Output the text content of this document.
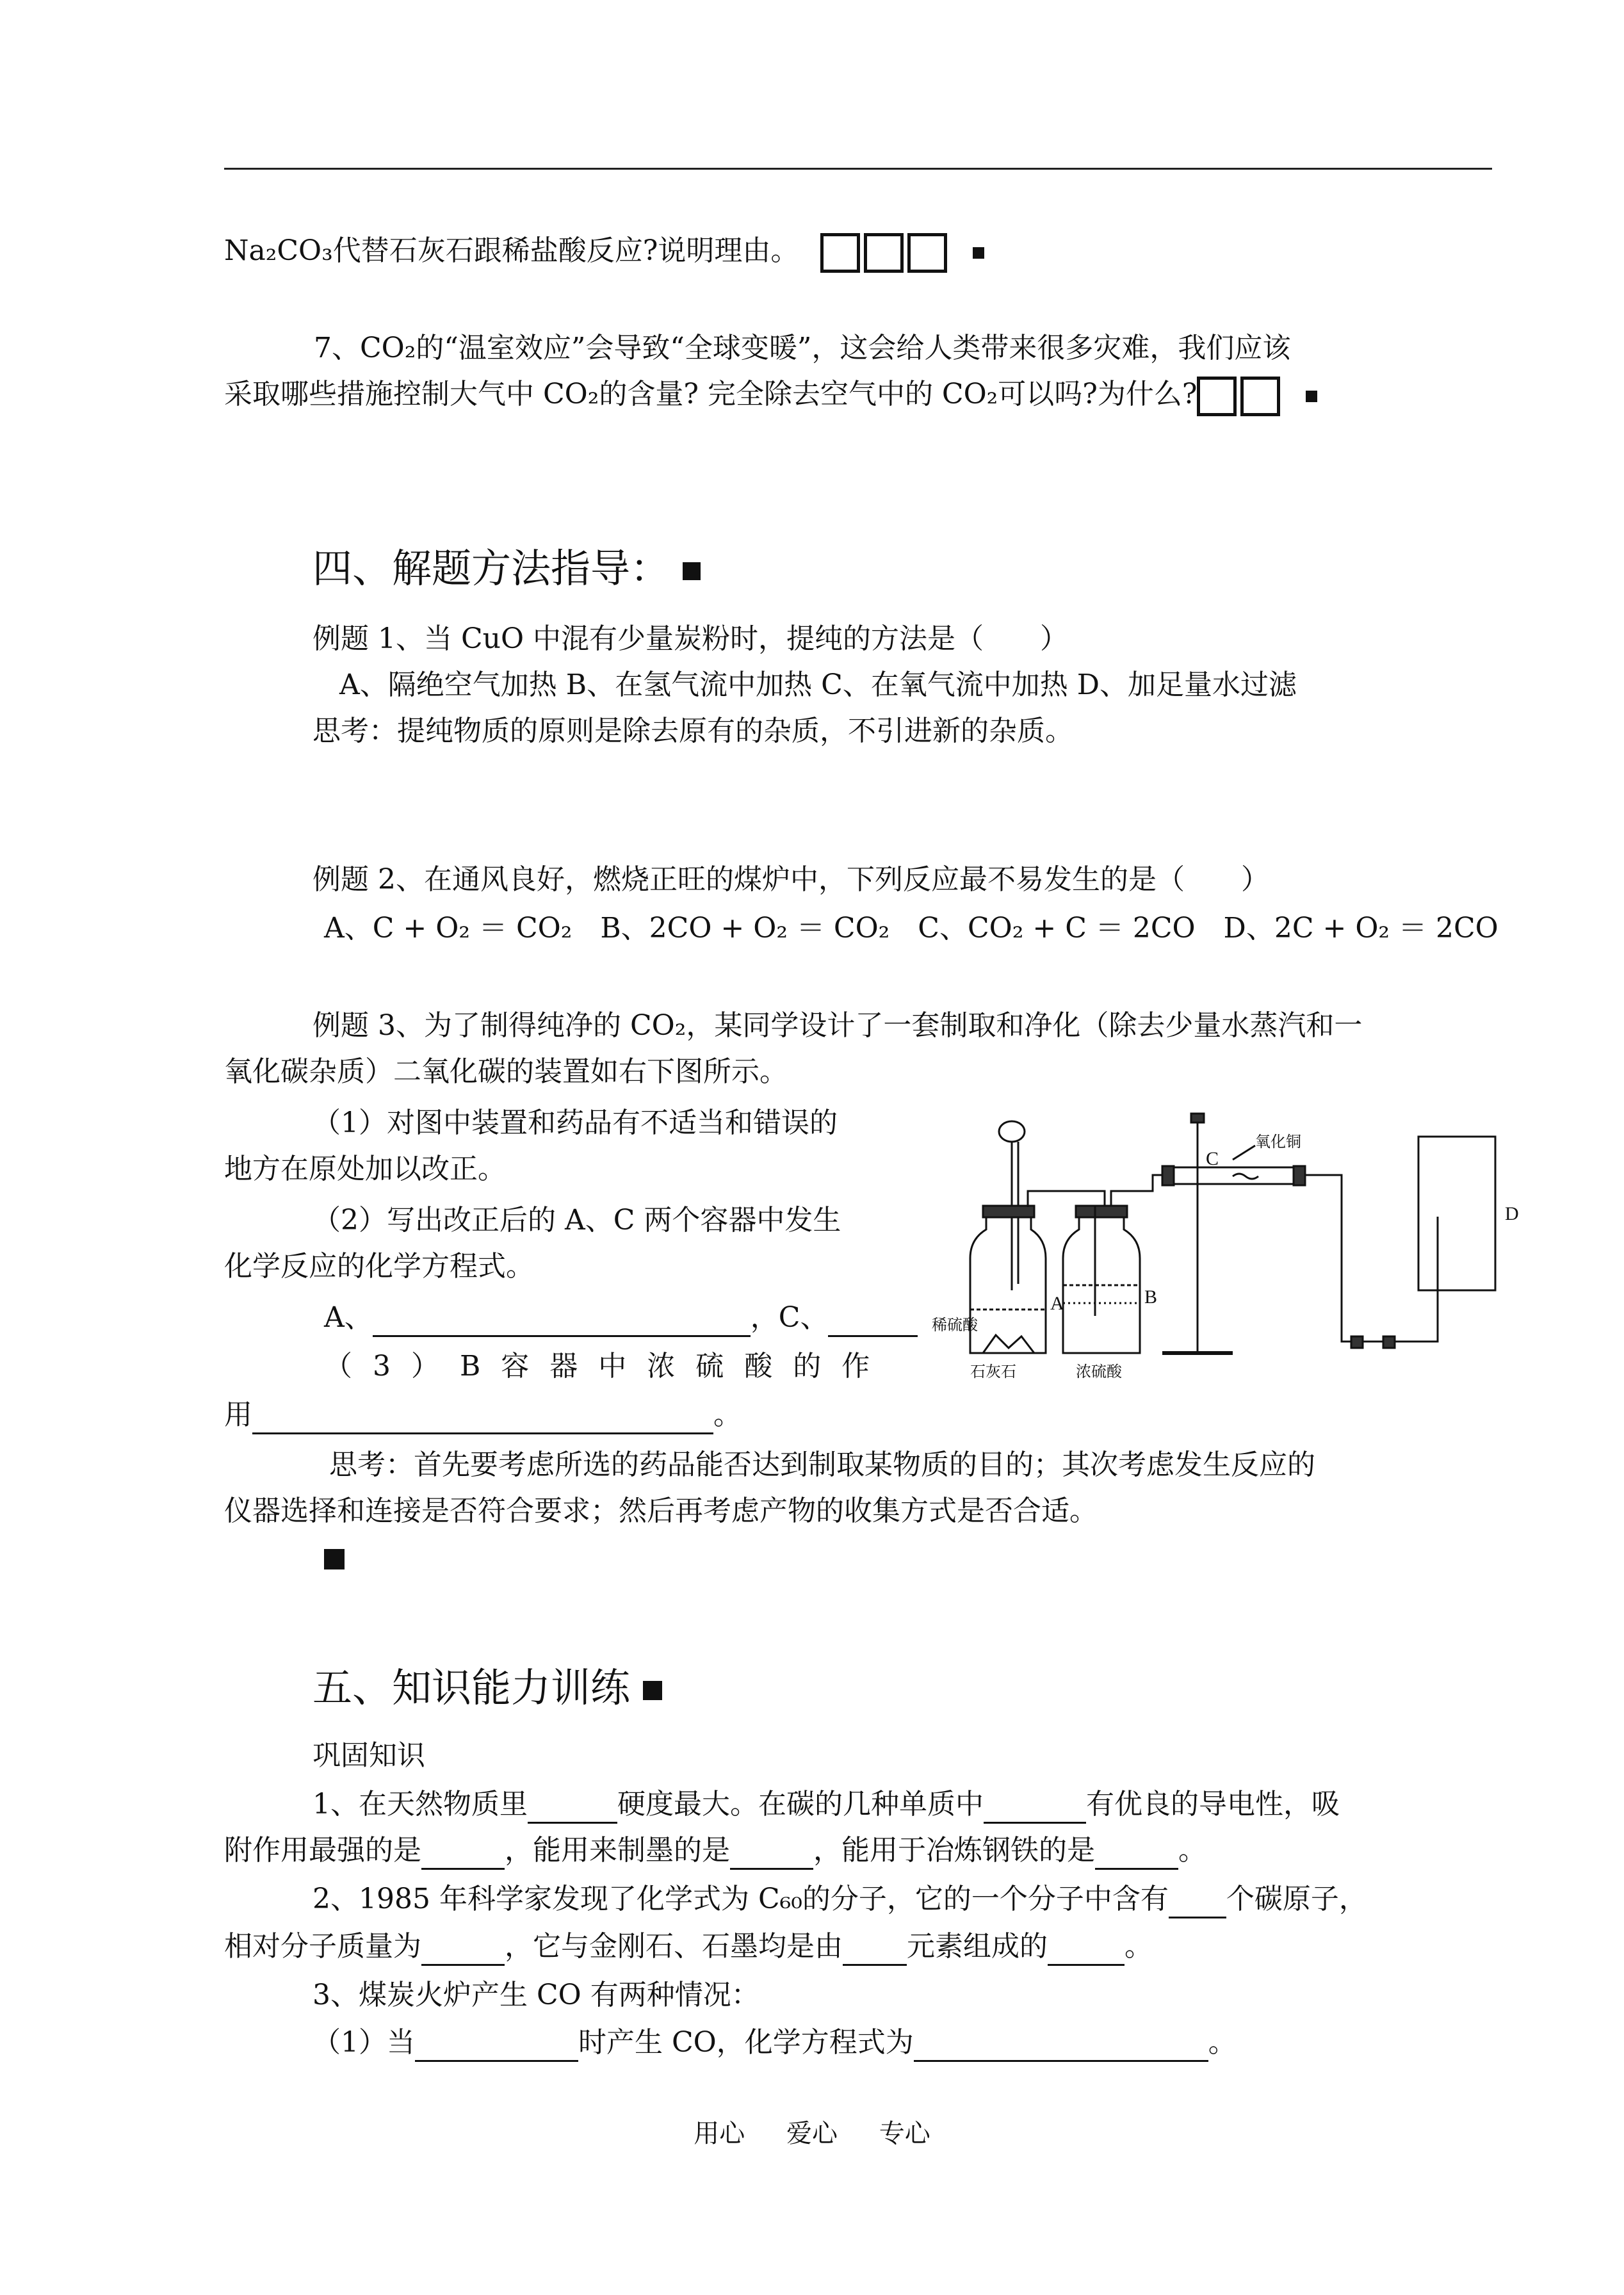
Na₂CO₃代替石灰石跟稀盐酸反应?说明理由。
7、CO₂的“温室效应”会导致“全球变暖”，这会给人类带来很多灾难，我们应该
采取哪些措施控制大气中 CO₂的含量? 完全除去空气中的 CO₂可以吗?为什么?
四、解题方法指导：
例题 1、当 CuO 中混有少量炭粉时，提纯的方法是（　　）
A、隔绝空气加热 B、在氢气流中加热 C、在氧气流中加热 D、加足量水过滤
思考：提纯物质的原则是除去原有的杂质，不引进新的杂质。
例题 2、在通风良好，燃烧正旺的煤炉中，下列反应最不易发生的是（　　）
A、C + O₂ ＝ CO₂　B、2CO + O₂ ＝ CO₂　C、CO₂ + C ＝ 2CO　D、2C + O₂ ＝ 2CO
例题 3、为了制得纯净的 CO₂，某同学设计了一套制取和净化（除去少量水蒸汽和一
氧化碳杂质）二氧化碳的装置如右下图所示。
（1）对图中装置和药品有不适当和错误的
地方在原处加以改正。
（2）写出改正后的 A、C 两个容器中发生
化学反应的化学方程式。
A、	，C、
（ 3 ） B 容 器 中 浓 硫 酸 的 作
用	。
思考：首先要考虑所选的药品能否达到制取某物质的目的；其次考虑发生反应的
仪器选择和连接是否符合要求；然后再考虑产物的收集方式是否合适。
C
氧化铜
A	B
D
稀硫酸
石灰石	浓硫酸
五、知识能力训练
巩固知识
1、在天然物质里	硬度最大。在碳的几种单质中	有优良的导电性，吸
附作用最强的是	，能用来制墨的是	，能用于冶炼钢铁的是	。
2、1985 年科学家发现了化学式为 C₆₀的分子，它的一个分子中含有 个碳原子，
相对分子质量为	，它与金刚石、石墨均是由 元素组成的	。
3、煤炭火炉产生 CO 有两种情况：
（1）当	时产生 CO，化学方程式为	。
用心 爱心 专心
